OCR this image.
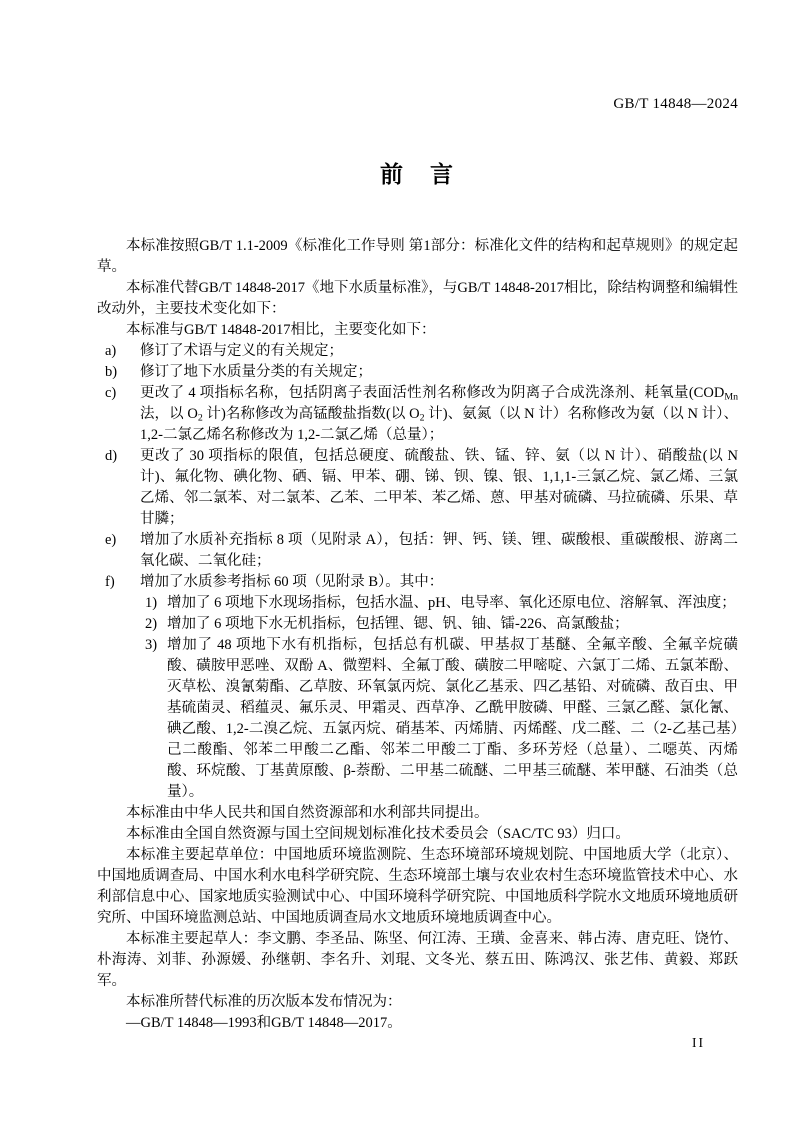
GB/T 14848—2024
前　言

本标准按照GB/T 1.1-2009《标准化工作导则 第1部分：标准化文件的结构和起草规则》的规定起草。

本标准代替GB/T 14848-2017《地下水质量标准》，与GB/T 14848-2017相比，除结构调整和编辑性改动外，主要技术变化如下：

本标准与GB/T 14848-2017相比，主要变化如下：

a) 修订了术语与定义的有关规定；
b) 修订了地下水质量分类的有关规定；
c) 更改了 4 项指标名称，包括阴离子表面活性剂名称修改为阴离子合成洗涤剂、耗氧量($COD_{Mn}$ 法，以 $O_2$ 计)名称修改为高锰酸盐指数(以 $O_2$ 计)、氨氮（以 N 计）名称修改为氨（以 N 计）、1,2-二氯乙烯名称修改为 1,2-二氯乙烯（总量）；
d) 更改了 30 项指标的限值，包括总硬度、硫酸盐、铁、锰、锌、氨（以 N 计）、硝酸盐(以 N 计)、氟化物、碘化物、硒、镉、甲苯、硼、锑、钡、镍、银、1,1,1-三氯乙烷、氯乙烯、三氯乙烯、邻二氯苯、对二氯苯、乙苯、二甲苯、苯乙烯、蒽、甲基对硫磷、马拉硫磷、乐果、草甘膦；
e) 增加了水质补充指标 8 项（见附录 A），包括：钾、钙、镁、锂、碳酸根、重碳酸根、游离二氧化碳、二氧化硅；
f) 增加了水质参考指标 60 项（见附录 B）。其中：
1) 增加了 6 项地下水现场指标，包括水温、pH、电导率、氧化还原电位、溶解氧、浑浊度；
2) 增加了 6 项地下水无机指标，包括锂、锶、钒、铀、镭-226、高氯酸盐；
3) 增加了 48 项地下水有机指标，包括总有机碳、甲基叔丁基醚、全氟辛酸、全氟辛烷磺酸、磺胺甲恶唑、双酚 A、微塑料、全氟丁酸、磺胺二甲嘧啶、六氯丁二烯、五氯苯酚、灭草松、溴氰菊酯、乙草胺、环氧氯丙烷、氯化乙基汞、四乙基铅、对硫磷、敌百虫、甲基硫菌灵、稻蕴灵、氟乐灵、甲霜灵、西草净、乙酰甲胺磷、甲醛、三氯乙醛、氯化氰、碘乙酸、1,2-二溴乙烷、五氯丙烷、硝基苯、丙烯腈、丙烯醛、戊二醛、二（2-乙基己基）己二酸酯、邻苯二甲酸二乙酯、邻苯二甲酸二丁酯、多环芳烃（总量）、二噁英、丙烯酸、环烷酸、丁基黄原酸、β-萘酚、二甲基二硫醚、二甲基三硫醚、苯甲醚、石油类（总量）。

本标准由中华人民共和国自然资源部和水利部共同提出。

本标准由全国自然资源与国土空间规划标准化技术委员会（SAC/TC 93）归口。

本标准主要起草单位：中国地质环境监测院、生态环境部环境规划院、中国地质大学（北京）、中国地质调查局、中国水利水电科学研究院、生态环境部土壤与农业农村生态环境监管技术中心、水利部信息中心、国家地质实验测试中心、中国环境科学研究院、中国地质科学院水文地质环境地质研究所、中国环境监测总站、中国地质调查局水文地质环境地质调查中心。

本标准主要起草人：李文鹏、李圣品、陈坚、何江涛、王璜、金喜来、韩占涛、唐克旺、饶竹、朴海涛、刘菲、孙源媛、孙继朝、李名升、刘琨、文冬光、蔡五田、陈鸿汉、张艺伟、黄毅、郑跃军。

本标准所替代标准的历次版本发布情况为：

—GB/T 14848—1993和GB/T 14848—2017。

II
